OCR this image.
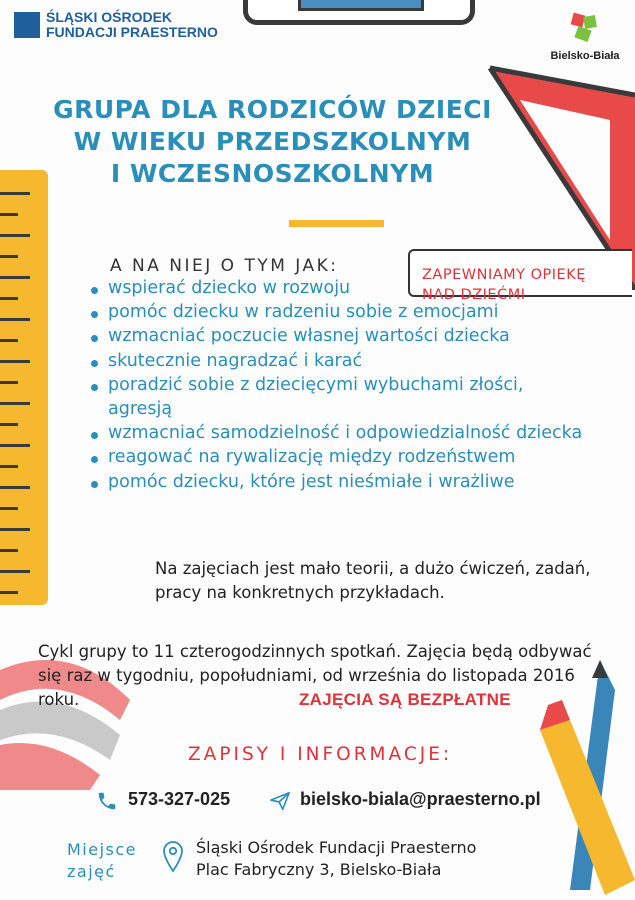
ŚLĄSKI OŚRODEK
FUNDACJI PRAESTERNO
Bielsko-Biała
GRUPA DLA RODZICÓW DZIECI
W WIEKU PRZEDSZKOLNYM
I WCZESNOSZKOLNYM
A NA NIEJ O TYM JAK:	ZAPEWNIAMY OPIEKĘ
NAD DZIEĆMI
wspierać dziecko w rozwoju
pomóc dziecku w radzeniu sobie z emocjami
wzmacniać poczucie własnej wartości dziecka
skutecznie nagradzać i karać
poradzić sobie z dziecięcymi wybuchami złości, agresją
wzmacniać samodzielność i odpowiedzialność dziecka
reagować na rywalizację między rodzeństwem
pomóc dziecku, które jest nieśmiałe i wrażliwe
Na zajęciach jest mało teorii, a dużo ćwiczeń, zadań, pracy na konkretnych przykładach.
Cykl grupy to 11 czterogodzinnych spotkań. Zajęcia będą odbywać się raz w tygodniu, popołudniami, od września do listopada 2016 roku.	ZAJĘCIA SĄ BEZPŁATNE
ZAPISY I INFORMACJE:
573-327-025	bielsko-biala@praesterno.pl
Miejsce
zajęć
Śląski Ośrodek Fundacji Praesterno
Plac Fabryczny 3, Bielsko-Biała
